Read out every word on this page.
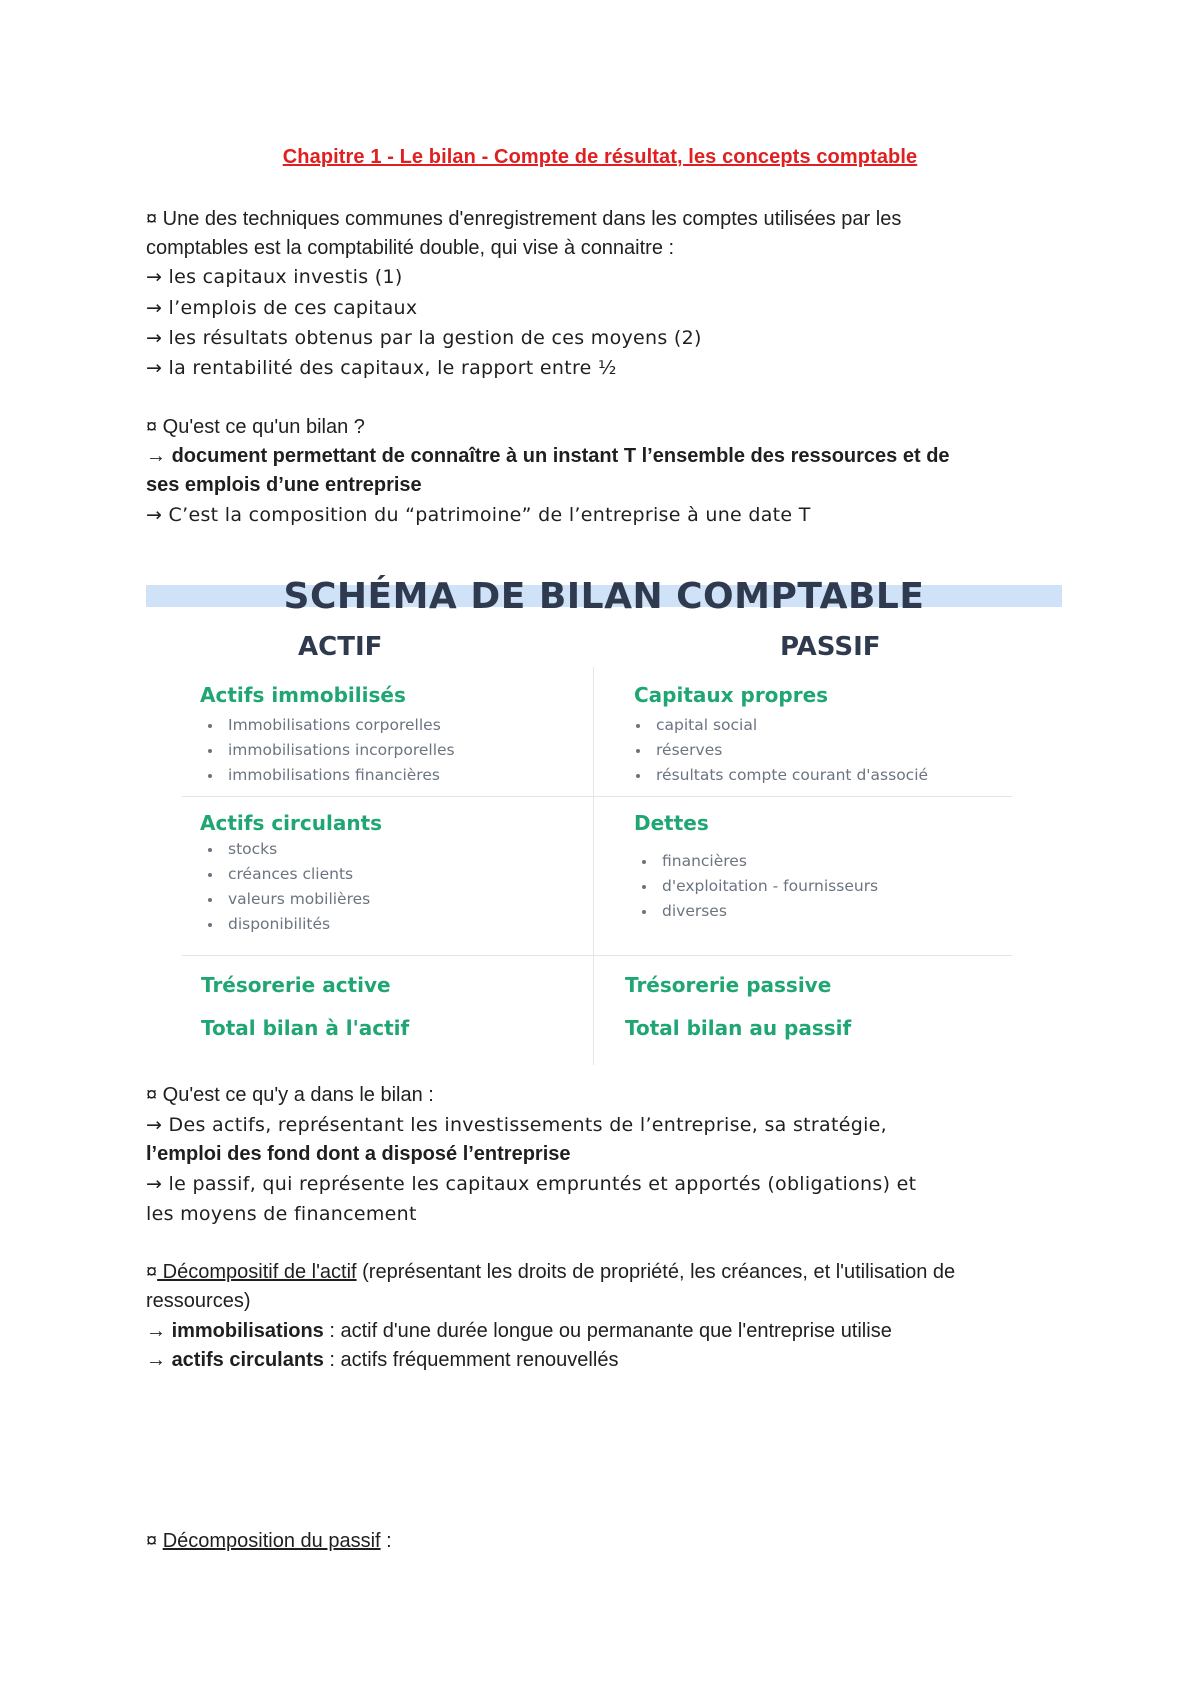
Chapitre 1 - Le bilan - Compte de résultat, les concepts comptable
¤ Une des techniques communes d'enregistrement dans les comptes utilisées par les
comptables est la comptabilité double, qui vise à connaitre :
→ les capitaux investis (1)
→ l’emplois de ces capitaux
→ les résultats obtenus par la gestion de ces moyens (2)
→ la rentabilité des capitaux, le rapport entre ½
¤ Qu'est ce qu'un bilan ?
→ document permettant de connaître à un instant T l’ensemble des ressources et de
ses emplois d’une entreprise
→ C’est la composition du “patrimoine” de l’entreprise à une date T
SCHÉMA DE BILAN COMPTABLE
ACTIF	PASSIF
Actifs immobilisés
Immobilisations corporelles
immobilisations incorporelles
immobilisations financières
Capitaux propres
capital social
réserves
résultats compte courant d'associé
Actifs circulants
stocks
créances clients
valeurs mobilières
disponibilités
Dettes
financières
d'exploitation - fournisseurs
diverses
Trésorerie active
Total bilan à l'actif
Trésorerie passive
Total bilan au passif
¤ Qu'est ce qu'y a dans le bilan :
→ Des actifs, représentant les investissements de l’entreprise, sa stratégie,
l’emploi des fond dont a disposé l’entreprise
→ le passif, qui représente les capitaux empruntés et apportés (obligations) et
les moyens de financement
¤ Décompositif de l'actif (représentant les droits de propriété, les créances, et l'utilisation de
ressources)
→ immobilisations : actif d'une durée longue ou permanante que l'entreprise utilise
→ actifs circulants : actifs fréquemment renouvellés
¤ Décomposition du passif :
